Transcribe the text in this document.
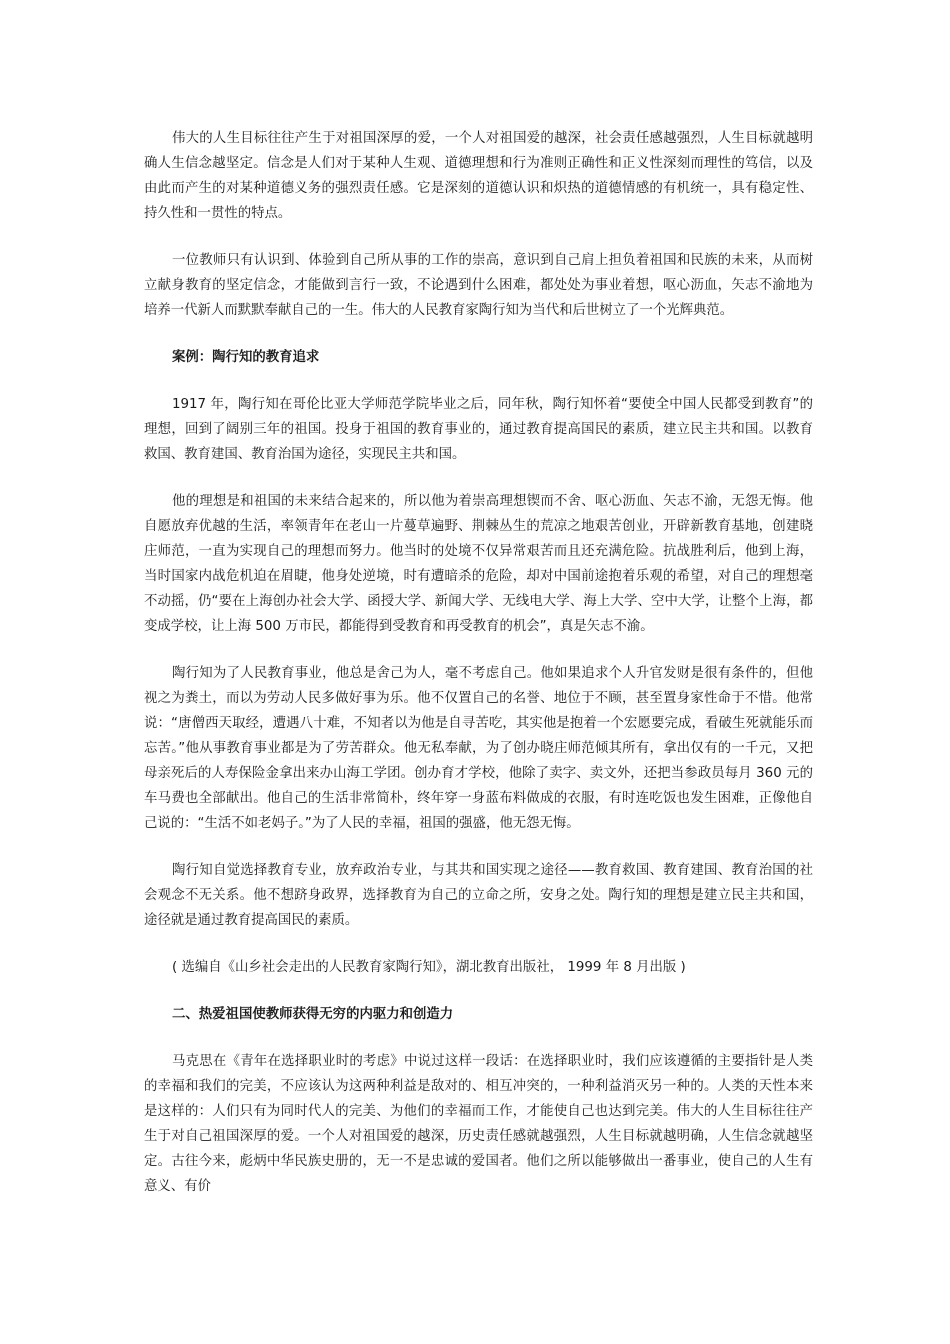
伟大的人生目标往往产生于对祖国深厚的爱，一个人对祖国爱的越深，社会责任感越强烈，人生目标就越明确人生信念越坚定。信念是人们对于某种人生观、道德理想和行为准则正确性和正义性深刻而理性的笃信，以及由此而产生的对某种道德义务的强烈责任感。它是深刻的道德认识和炽热的道德情感的有机统一，具有稳定性、持久性和一贯性的特点。

一位教师只有认识到、体验到自己所从事的工作的崇高，意识到自己肩上担负着祖国和民族的未来，从而树立献身教育的坚定信念，才能做到言行一致，不论遇到什么困难，都处处为事业着想，呕心沥血，矢志不渝地为培养一代新人而默默奉献自己的一生。伟大的人民教育家陶行知为当代和后世树立了一个光辉典范。

案例：陶行知的教育追求

1917 年，陶行知在哥伦比亚大学师范学院毕业之后，同年秋，陶行知怀着“要使全中国人民都受到教育”的理想，回到了阔别三年的祖国。投身于祖国的教育事业的，通过教育提高国民的素质，建立民主共和国。以教育救国、教育建国、教育治国为途径，实现民主共和国。

他的理想是和祖国的未来结合起来的，所以他为着崇高理想锲而不舍、呕心沥血、矢志不渝，无怨无悔。他自愿放弃优越的生活，率领青年在老山一片蔓草遍野、荆棘丛生的荒凉之地艰苦创业，开辟新教育基地，创建晓庄师范，一直为实现自己的理想而努力。他当时的处境不仅异常艰苦而且还充满危险。抗战胜利后，他到上海，当时国家内战危机迫在眉睫，他身处逆境，时有遭暗杀的危险，却对中国前途抱着乐观的希望，对自己的理想毫不动摇，仍“要在上海创办社会大学、函授大学、新闻大学、无线电大学、海上大学、空中大学，让整个上海，都变成学校，让上海 500 万市民，都能得到受教育和再受教育的机会”，真是矢志不渝。

陶行知为了人民教育事业，他总是舍己为人，毫不考虑自己。他如果追求个人升官发财是很有条件的，但他视之为粪土，而以为劳动人民多做好事为乐。他不仅置自己的名誉、地位于不顾，甚至置身家性命于不惜。他常说：“唐僧西天取经，遭遇八十难，不知者以为他是自寻苦吃，其实他是抱着一个宏愿要完成，看破生死就能乐而忘苦。”他从事教育事业都是为了劳苦群众。他无私奉献，为了创办晓庄师范倾其所有，拿出仅有的一千元，又把母亲死后的人寿保险金拿出来办山海工学团。创办育才学校，他除了卖字、卖文外，还把当参政员每月 360 元的车马费也全部献出。他自己的生活非常简朴，终年穿一身蓝布料做成的衣服，有时连吃饭也发生困难，正像他自己说的：“生活不如老妈子。”为了人民的幸福，祖国的强盛，他无怨无悔。

陶行知自觉选择教育专业，放弃政治专业，与其共和国实现之途径——教育救国、教育建国、教育治国的社会观念不无关系。他不想跻身政界，选择教育为自己的立命之所，安身之处。陶行知的理想是建立民主共和国，途径就是通过教育提高国民的素质。

( 选编自《山乡社会走出的人民教育家陶行知》，湖北教育出版社， 1999 年 8 月出版 )

二、热爱祖国使教师获得无穷的内驱力和创造力

马克思在《青年在选择职业时的考虑》中说过这样一段话：在选择职业时，我们应该遵循的主要指针是人类的幸福和我们的完美，不应该认为这两种利益是敌对的、相互冲突的，一种利益消灭另一种的。人类的天性本来是这样的：人们只有为同时代人的完美、为他们的幸福而工作，才能使自己也达到完美。伟大的人生目标往往产生于对自己祖国深厚的爱。一个人对祖国爱的越深，历史责任感就越强烈，人生目标就越明确，人生信念就越坚定。古往今来，彪炳中华民族史册的，无一不是忠诚的爱国者。他们之所以能够做出一番事业，使自己的人生有意义、有价
